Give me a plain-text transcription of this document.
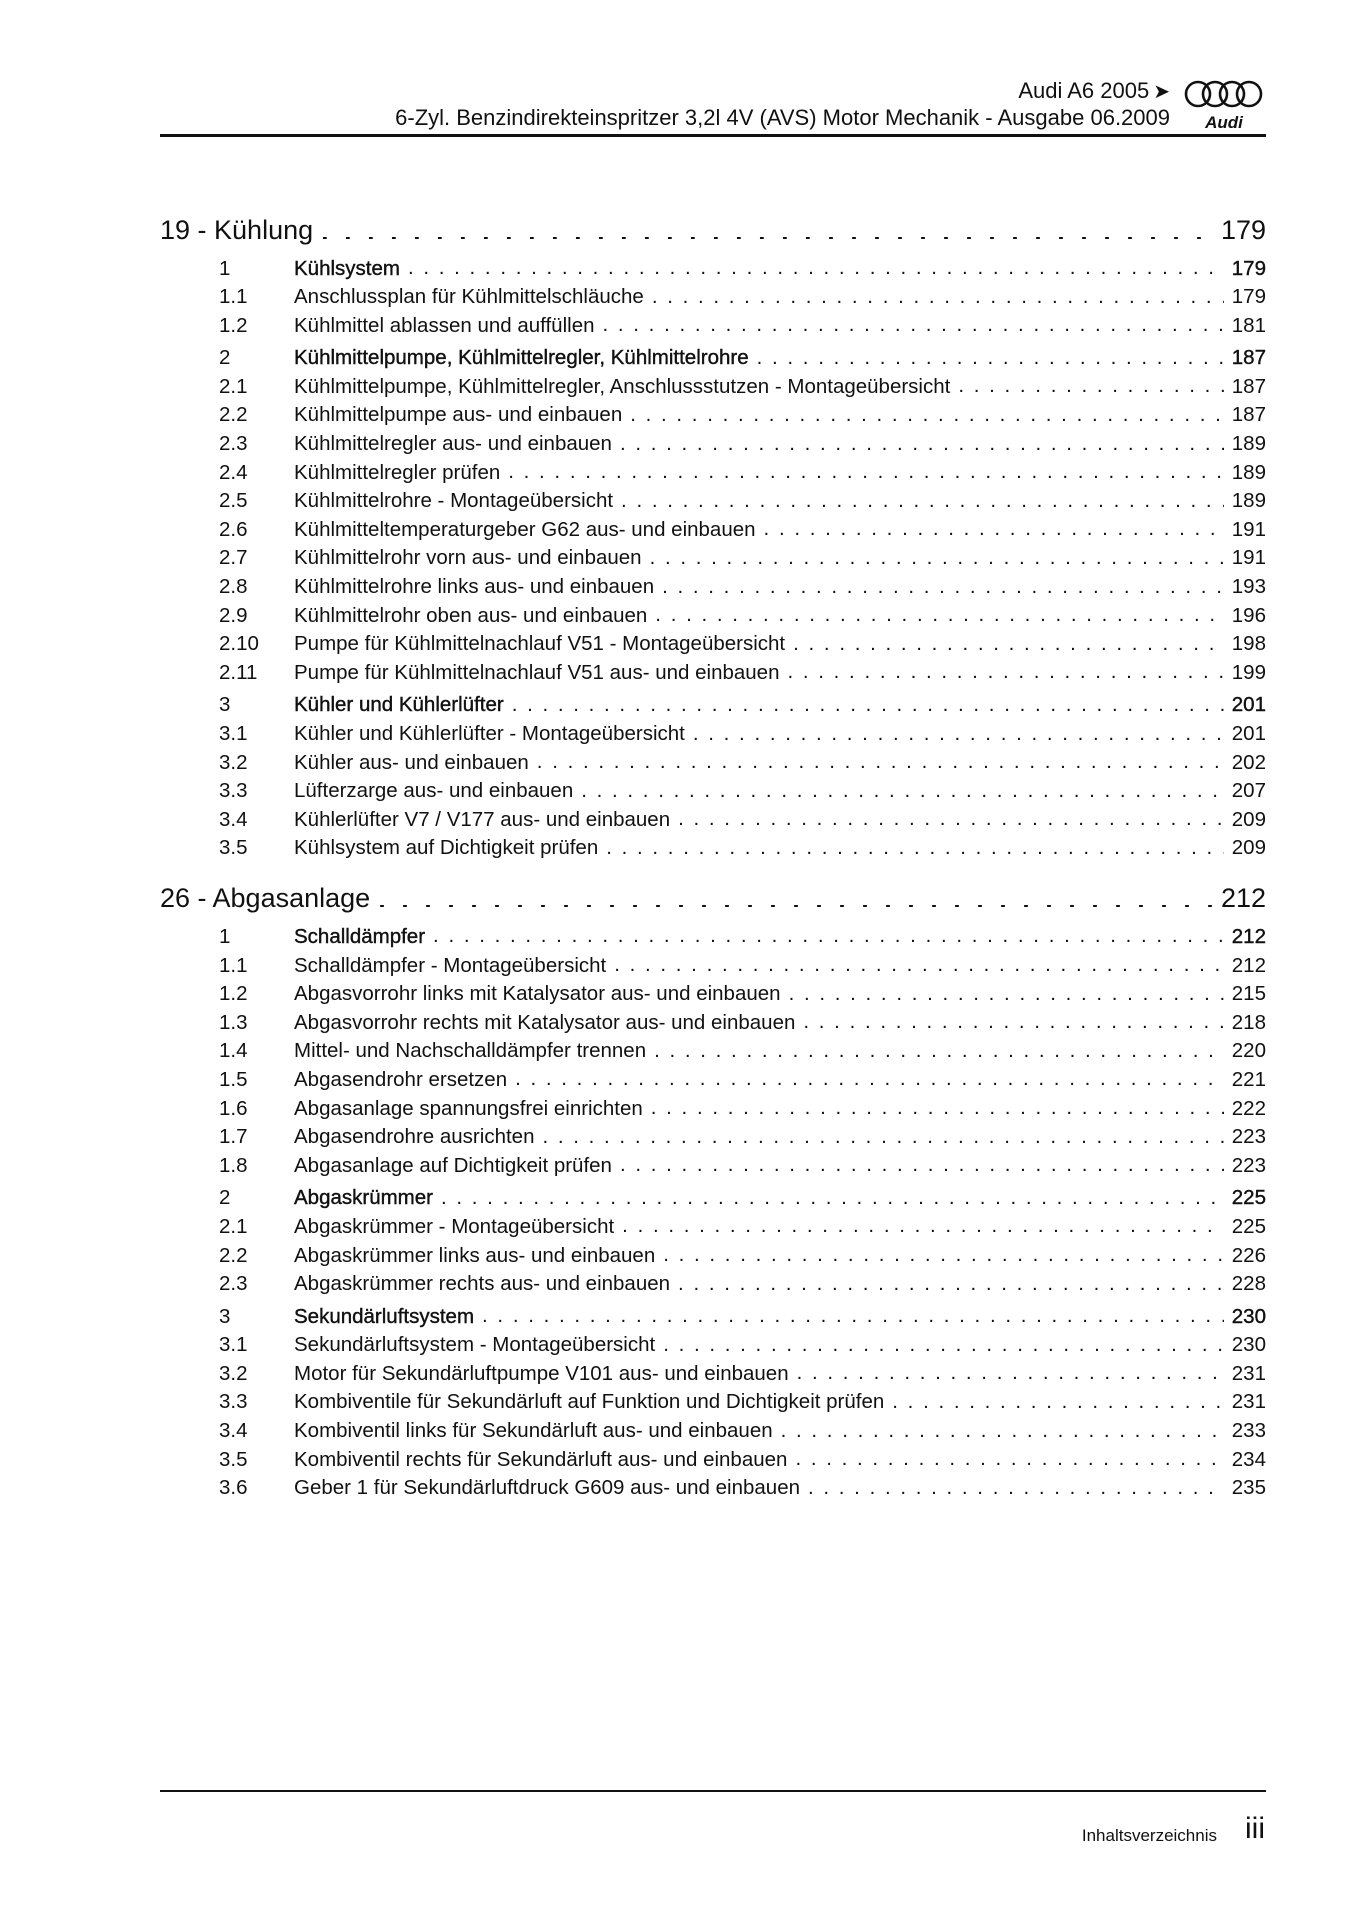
Audi A6 2005 ➤
6-Zyl. Benzindirekteinspritzer 3,2l 4V (AVS) Motor Mechanik - Ausgabe 06.2009 Audi
19 - Kühlung . . .	179
1	Kühlsystem . . .	179
1.1	Anschlussplan für Kühlmittelschläuche . . .	179
1.2	Kühlmittel ablassen und auffüllen . . .	181
2	Kühlmittelpumpe, Kühlmittelregler, Kühlmittelrohre . . .	187
2.1	Kühlmittelpumpe, Kühlmittelregler, Anschlussstutzen - Montageübersicht . . .	187
2.2	Kühlmittelpumpe aus- und einbauen . . .	187
2.3	Kühlmittelregler aus- und einbauen . . .	189
2.4	Kühlmittelregler prüfen . . .	189
2.5	Kühlmittelrohre - Montageübersicht . . .	189
2.6	Kühlmitteltemperaturgeber G62 aus- und einbauen . . .	191
2.7	Kühlmittelrohr vorn aus- und einbauen . . .	191
2.8	Kühlmittelrohre links aus- und einbauen . . .	193
2.9	Kühlmittelrohr oben aus- und einbauen . . .	196
2.10	Pumpe für Kühlmittelnachlauf V51 - Montageübersicht . . .	198
2.11	Pumpe für Kühlmittelnachlauf V51 aus- und einbauen . . .	199
3	Kühler und Kühlerlüfter . . .	201
3.1	Kühler und Kühlerlüfter - Montageübersicht . . .	201
3.2	Kühler aus- und einbauen . . .	202
3.3	Lüfterzarge aus- und einbauen . . .	207
3.4	Kühlerlüfter V7 / V177 aus- und einbauen . . .	209
3.5	Kühlsystem auf Dichtigkeit prüfen . . .	209
26 - Abgasanlage . . .	212
1	Schalldämpfer . . .	212
1.1	Schalldämpfer - Montageübersicht . . .	212
1.2	Abgasvorrohr links mit Katalysator aus- und einbauen . . .	215
1.3	Abgasvorrohr rechts mit Katalysator aus- und einbauen . . .	218
1.4	Mittel- und Nachschalldämpfer trennen . . .	220
1.5	Abgasendrohr ersetzen . . .	221
1.6	Abgasanlage spannungsfrei einrichten . . .	222
1.7	Abgasendrohre ausrichten . . .	223
1.8	Abgasanlage auf Dichtigkeit prüfen . . .	223
2	Abgaskrümmer . . .	225
2.1	Abgaskrümmer - Montageübersicht . . .	225
2.2	Abgaskrümmer links aus- und einbauen . . .	226
2.3	Abgaskrümmer rechts aus- und einbauen . . .	228
3	Sekundärluftsystem . . .	230
3.1	Sekundärluftsystem - Montageübersicht . . .	230
3.2	Motor für Sekundärluftpumpe V101 aus- und einbauen . . .	231
3.3	Kombiventile für Sekundärluft auf Funktion und Dichtigkeit prüfen . . .	231
3.4	Kombiventil links für Sekundärluft aus- und einbauen . . .	233
3.5	Kombiventil rechts für Sekundärluft aus- und einbauen . . .	234
3.6	Geber 1 für Sekundärluftdruck G609 aus- und einbauen . . .	235
Inhaltsverzeichnis iii
